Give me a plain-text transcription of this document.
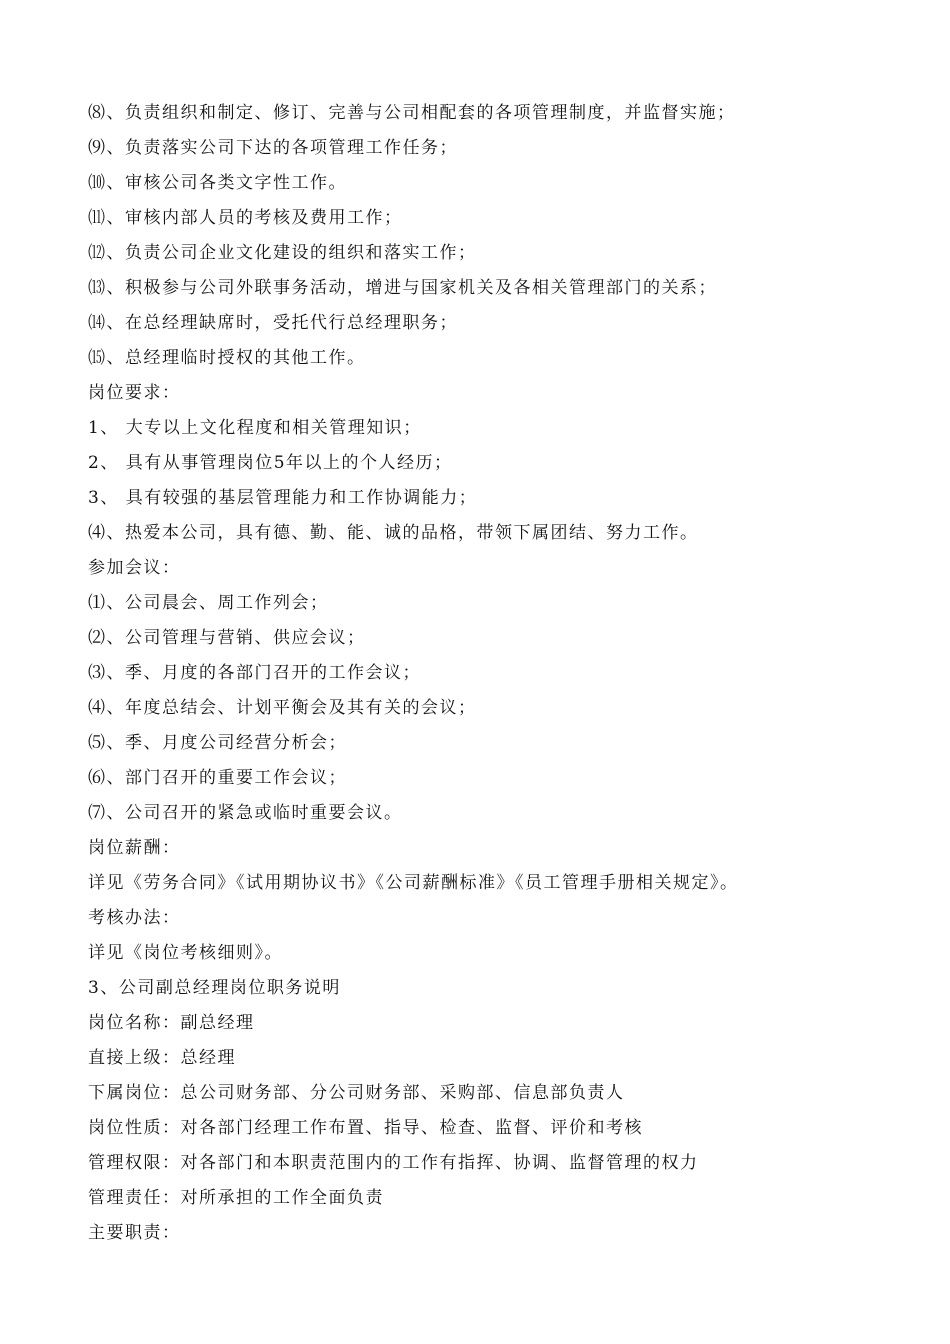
⑻、负责组织和制定、修订、完善与公司相配套的各项管理制度，并监督实施；
⑼、负责落实公司下达的各项管理工作任务；
⑽、审核公司各类文字性工作。
⑾、审核内部人员的考核及费用工作；
⑿、负责公司企业文化建设的组织和落实工作；
⒀、积极参与公司外联事务活动，增进与国家机关及各相关管理部门的关系；
⒁、在总经理缺席时，受托代行总经理职务；
⒂、总经理临时授权的其他工作。
岗位要求：
1、 大专以上文化程度和相关管理知识；
2、 具有从事管理岗位5年以上的个人经历；
3、 具有较强的基层管理能力和工作协调能力；
⑷、热爱本公司，具有德、勤、能、诚的品格，带领下属团结、努力工作。
参加会议：
⑴、公司晨会、周工作列会；
⑵、公司管理与营销、供应会议；
⑶、季、月度的各部门召开的工作会议；
⑷、年度总结会、计划平衡会及其有关的会议；
⑸、季、月度公司经营分析会；
⑹、部门召开的重要工作会议；
⑺、公司召开的紧急或临时重要会议。
岗位薪酬：
详见《劳务合同》《试用期协议书》《公司薪酬标准》《员工管理手册相关规定》。
考核办法：
详见《岗位考核细则》。
3、公司副总经理岗位职务说明
岗位名称：副总经理
直接上级：总经理
下属岗位：总公司财务部、分公司财务部、采购部、信息部负责人
岗位性质：对各部门经理工作布置、指导、检查、监督、评价和考核
管理权限：对各部门和本职责范围内的工作有指挥、协调、监督管理的权力
管理责任：对所承担的工作全面负责
主要职责：
